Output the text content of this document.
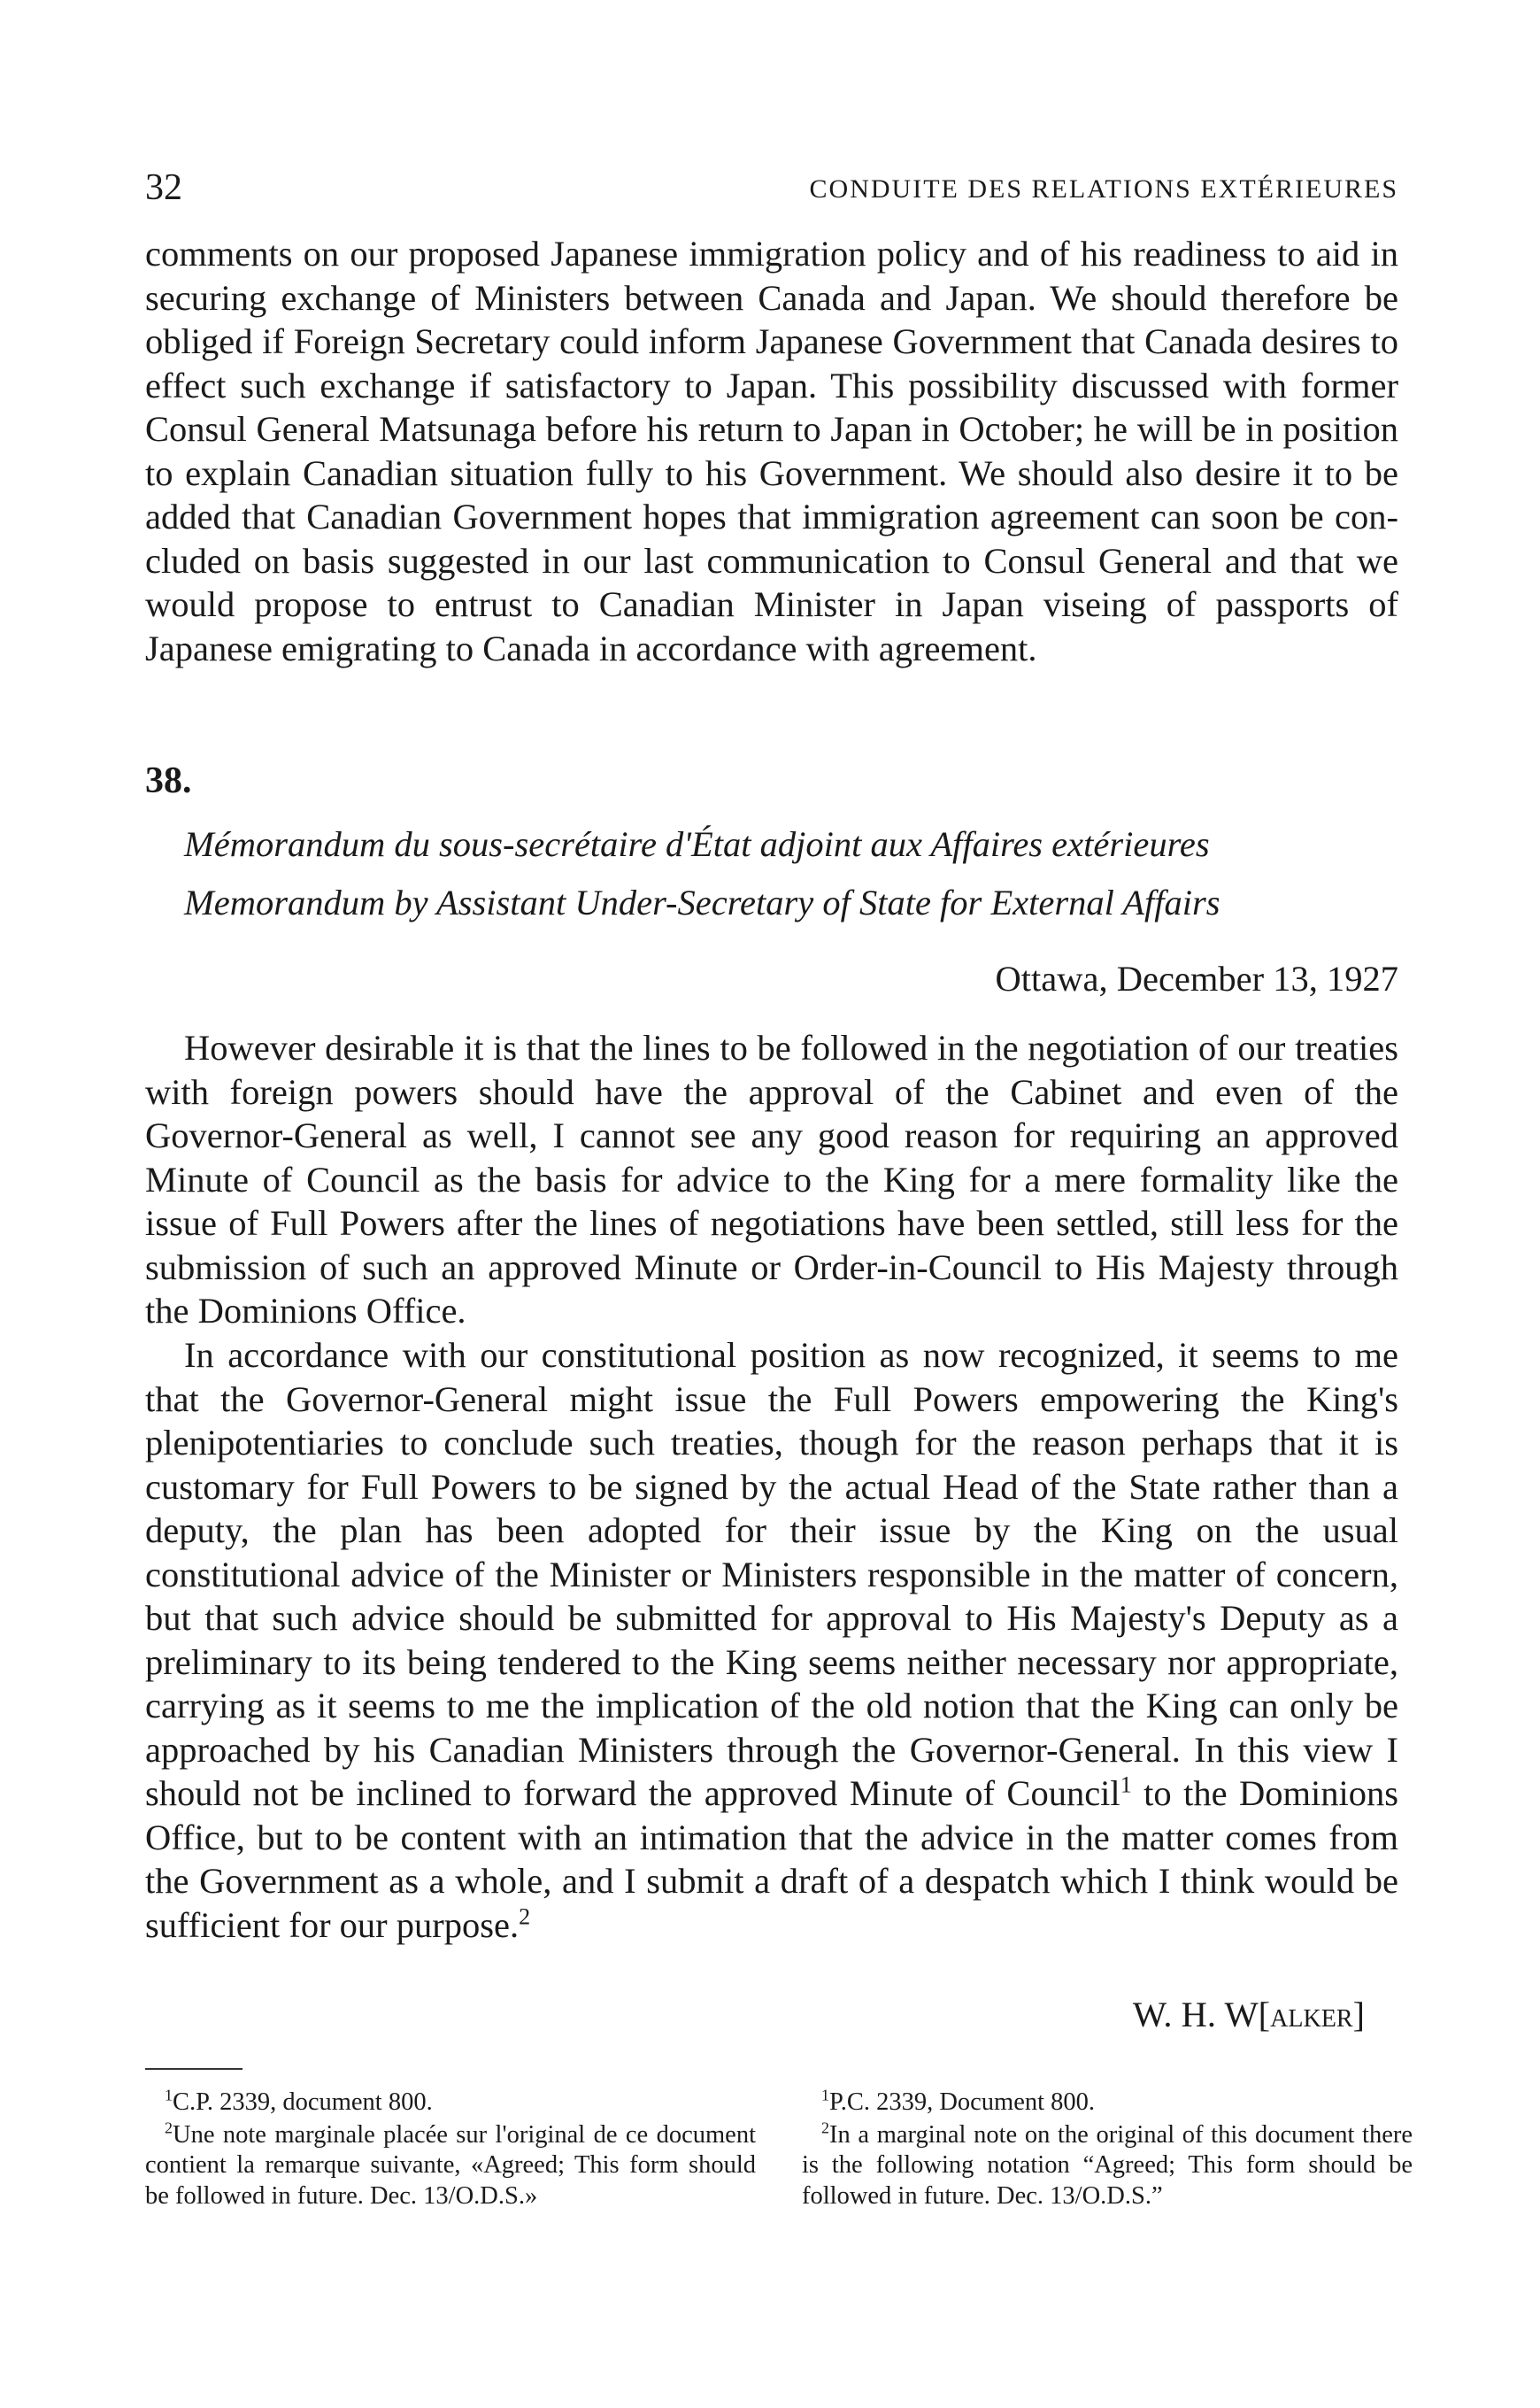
32	CONDUITE DES RELATIONS EXTÉRIEURES

comments on our proposed Japanese immigration policy and of his readiness to aid in securing exchange of Ministers between Canada and Japan. We should therefore be obliged if Foreign Secretary could inform Japanese Government that Canada desires to effect such exchange if satisfactory to Japan. This possibility discussed with former Consul General Matsunaga before his return to Japan in October; he will be in position to explain Canadian situation fully to his Government. We should also desire it to be added that Canadian Government hopes that immigration agreement can soon be concluded on basis suggested in our last communication to Consul General and that we would propose to entrust to Canadian Minister in Japan viseing of passports of Japanese emigrating to Canada in accordance with agreement.

38.
Mémorandum du sous-secrétaire d'État adjoint aux Affaires extérieures
Memorandum by Assistant Under-Secretary of State for External Affairs
Ottawa, December 13, 1927

However desirable it is that the lines to be followed in the negotiation of our treaties with foreign powers should have the approval of the Cabinet and even of the Governor-General as well, I cannot see any good reason for requiring an approved Minute of Council as the basis for advice to the King for a mere formality like the issue of Full Powers after the lines of negotiations have been settled, still less for the submission of such an approved Minute or Order-in-Council to His Majesty through the Dominions Office.

In accordance with our constitutional position as now recognized, it seems to me that the Governor-General might issue the Full Powers empowering the King's plenipotentiaries to conclude such treaties, though for the reason perhaps that it is customary for Full Powers to be signed by the actual Head of the State rather than a deputy, the plan has been adopted for their issue by the King on the usual constitutional advice of the Minister or Ministers responsible in the matter of concern, but that such advice should be submitted for approval to His Majesty's Deputy as a preliminary to its being tendered to the King seems neither necessary nor appropriate, carrying as it seems to me the implication of the old notion that the King can only be approached by his Canadian Ministers through the Governor-General. In this view I should not be inclined to forward the approved Minute of Council$^1$ to the Dominions Office, but to be content with an intimation that the advice in the matter comes from the Government as a whole, and I submit a draft of a despatch which I think would be sufficient for our purpose.$^2$

W. H. W[alker]

$^1$C.P. 2339, document 800.

$^2$Une note marginale placée sur l'original de ce document contient la remarque suivante, «Agreed; This form should be followed in future. Dec. 13/O.D.S.»

$^1$P.C. 2339, Document 800.

$^2$In a marginal note on the original of this document there is the following notation “Agreed; This form should be followed in future. Dec. 13/O.D.S.”
